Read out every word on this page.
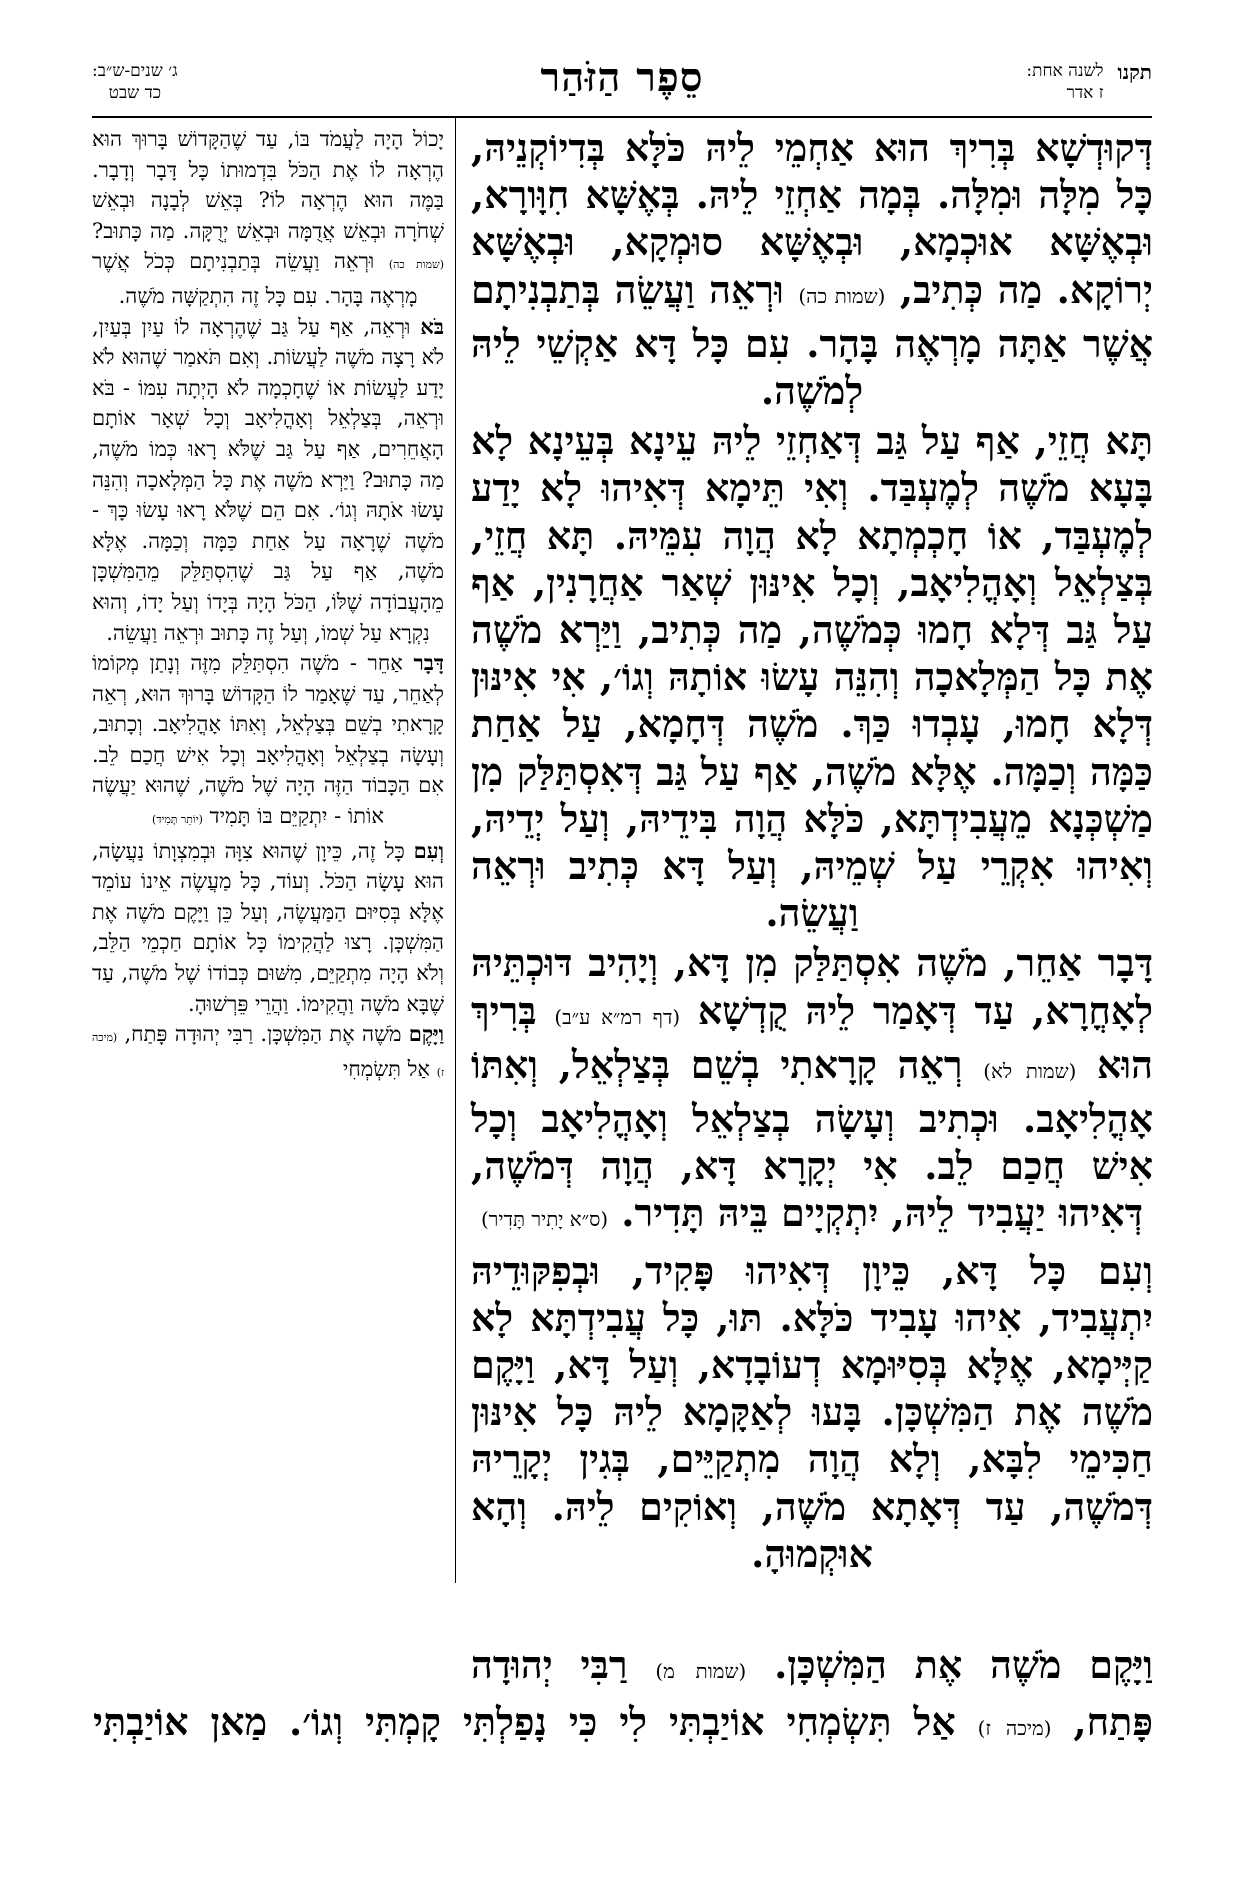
תקנו
לשנה אחת:
ז אדר
סֵפֶר הַזֹּהַר
ג׳ שנים-ש״ב:
כד שבט

דְּקוּדְשָׁא בְּרִיךְ הוּא אַחְמֵי לֵיהּ כֹּלָּא בְּדִיוֹקְנֵיהּ, כָּל מִלָּה וּמִלָּה. בְּמָה אַחְזֵי לֵיהּ. בְּאֶשָּׁא חִוָּורָא, וּבְאֶשָּׁא אוּכְמָא, וּבְאֶשָּׁא סוּמְקָא, וּבְאֶשָּׁא יְרוֹקָא. מַה כְּתִיב, (שמות כה) וּרְאֵה וַעֲשֵׂה בְּתַבְנִיתָם אֲשֶׁר אַתָּה מָרְאֶה בָּהָר. עִם כָּל דָּא אַקְשֵׁי לֵיהּ לְמֹשֶׁה.

תָּא חֲזֵי, אַף עַל גַּב דְּאַחְזֵי לֵיהּ עֵינָא בְּעֵינָא לָא בָּעָא מֹשֶׁה לְמֶעְבַּד. וְאִי תֵּימָא דְּאִיהוּ לָא יָדַע לְמֶעְבַּד, אוֹ חָכְמְתָא לָא הֲוָה עִמֵּיהּ. תָּא חֲזֵי, בְּצַלְאֵל וְאָהֳלִיאָב, וְכָל אִינּוּן שְׁאַר אַחֲרָנִין, אַף עַל גַּב דְּלָא חָמוּ כְּמֹשֶׁה, מַה כְּתִיב, וַיַּרְא מֹשֶׁה אֶת כָּל הַמְּלָאכָה וְהִנֵּה עָשׂוּ אוֹתָהּ וְגוֹ׳, אִי אִינּוּן דְּלָא חָמוּ, עָבְדוּ כַּךְ. מֹשֶׁה דְּחָמָא, עַל אַחַת כַּמָּה וְכַמָּה. אֶלָּא מֹשֶׁה, אַף עַל גַּב דְּאִסְתַּלַּק מִן מַשְׁכְּנָא מֵעֲבִידְתָּא, כֹּלָּא הֲוָה בִּידֵיהּ, וְעַל יְדֵיהּ, וְאִיהוּ אִקְרֵי עַל שְׁמֵיהּ, וְעַל דָּא כְּתִיב וּרְאֵה וַעֲשֵׂה.

דָּבָר אַחֵר, מֹשֶׁה אִסְתַּלַּק מִן דָּא, וְיָהִיב דּוּכְתֵּיהּ לְאָחֳרָא, עַד דְּאָמַר לֵיהּ קֻדְשָׁא (דף רמ״א ע״ב) בְּרִיךְ הוּא (שמות לא) רְאֵה קָרָאתִי בְשֵׁם בְּצַלְאֵל, וְאִתּוֹ אָהֳלִיאָב. וּכְתִיב וְעָשָׂה בְצַלְאֵל וְאָהֳלִיאָב וְכָל אִישׁ חֲכַם לֵב. אִי יְקָרָא דָּא, הֲוָה דְּמֹשֶׁה, דְּאִיהוּ יַעֲבִיד לֵיהּ, יִתְקְיָים בֵּיהּ תָּדִיר. (ס״א יָתִיר תָּדִיר)

וְעִם כָּל דָּא, כֵּיוָן דְּאִיהוּ פָּקִיד, וּבְפִקּוּדֵיהּ יִתְעֲבִיד, אִיהוּ עָבִיד כֹּלָּא. תּוּ, כָּל עֲבִידְתָּא לָא קַיְּימָא, אֶלָּא בְּסִיּוּמָא דְעוֹבָדָא, וְעַל דָּא, וַיָּקֶם מֹשֶׁה אֶת הַמִּשְׁכָּן. בָּעוּ לְאַקָּמָא לֵיהּ כָּל אִינּוּן חַכִּימֵי לִבָּא, וְלָא הֲוָה מִתְקַיֵּים, בְּגִין יְקָרֵיהּ דְּמֹשֶׁה, עַד דְּאָתָא מֹשֶׁה, וְאוֹקִים לֵיהּ. וְהָא אוּקְמוּהָ.

יָכוֹל הָיָה לַעֲמֹד בּוֹ, עַד שֶׁהַקָּדוֹשׁ בָּרוּךְ הוּא הֶרְאָה לוֹ אֶת הַכֹּל בִּדְמוּתוֹ כָּל דָּבָר וְדָבָר. בַּמֶּה הוּא הֶרְאָה לוֹ? בְּאֵשׁ לְבָנָה וּבְאֵשׁ שְׁחֹרָה וּבְאֵשׁ אֲדֻמָּה וּבְאֵשׁ יְרֻקָּה. מַה כָּתוּב? (שמות כה) וּרְאֵה וַעֲשֵׂה בְּתַבְנִיתָם כְּכֹל אֲשֶׁר מָרְאֶה בָּהָר. עִם כָּל זֶה הִתְקַשָּׁה מֹשֶׁה.

בֹּא וּרְאֵה, אַף עַל גַּב שֶׁהֶרְאָה לוֹ עַיִן בְּעַיִן, לֹא רָצָה מֹשֶׁה לַעֲשׂוֹת. וְאִם תֹּאמַר שֶׁהוּא לֹא יָדַע לַעֲשׂוֹת אוֹ שֶׁחָכְמָה לֹא הָיְתָה עִמּוֹ - בֹּא וּרְאֵה, בְּצַלְאֵל וְאָהֳלִיאָב וְכָל שְׁאָר אוֹתָם הָאֲחֵרִים, אַף עַל גַּב שֶׁלֹּא רָאוּ כְּמוֹ מֹשֶׁה, מַה כָּתוּב? וַיַּרְא מֹשֶׁה אֶת כָּל הַמְּלָאכָה וְהִנֵּה עָשׂוּ אֹתָהּ וְגוֹ׳. אִם הֵם שֶׁלֹּא רָאוּ עָשׂוּ כָּךְ - מֹשֶׁה שֶׁרָאָה עַל אַחַת כַּמָּה וְכַמָּה. אֶלָּא מֹשֶׁה, אַף עַל גַּב שֶׁהִסְתַּלֵּק מֵהַמִּשְׁכָּן מֵהָעֲבוֹדָה שֶׁלּוֹ, הַכֹּל הָיָה בְּיָדוֹ וְעַל יָדוֹ, וְהוּא נִקְרָא עַל שְׁמוֹ, וְעַל זֶה כָּתוּב וּרְאֵה וַעֲשֵׂה.

דָּבָר אַחֵר - מֹשֶׁה הִסְתַּלֵּק מִזֶּה וְנָתַן מְקוֹמוֹ לְאַחֵר, עַד שֶׁאָמַר לוֹ הַקָּדוֹשׁ בָּרוּךְ הוּא, רְאֵה קָרָאתִי בְשֵׁם בְּצַלְאֵל, וְאִתּוֹ אָהֳלִיאָב. וְכָתוּב, וְעָשָׂה בְצַלְאֵל וְאָהֳלִיאָב וְכָל אִישׁ חֲכַם לֵב. אִם הַכָּבוֹד הַזֶּה הָיָה שֶׁל מֹשֶׁה, שֶׁהוּא יַעֲשֶׂה אוֹתוֹ - יִתְקַיֵּם בּוֹ תָּמִיד (יוֹתֵר תָּמִיד)

וְעִם כָּל זֶה, כֵּיוָן שֶׁהוּא צִוָּה וּבְמִצְוָתוֹ נַעֲשָׂה, הוּא עָשָׂה הַכֹּל. וְעוֹד, כָּל מַעֲשֶׂה אֵינוֹ עוֹמֵד אֶלָּא בְּסִיּוּם הַמַּעֲשֶׂה, וְעַל כֵּן וַיָּקֶם מֹשֶׁה אֶת הַמִּשְׁכָּן. רָצוּ לַהֲקִימוֹ כָּל אוֹתָם חַכְמֵי הַלֵּב, וְלֹא הָיָה מִתְקַיֵּם, מִשּׁוּם כְּבוֹדוֹ שֶׁל מֹשֶׁה, עַד שֶׁבָּא מֹשֶׁה וַהֲקִימוֹ. וַהֲרֵי פֵּרְשׁוּהָ.

וַיָּקֶם מֹשֶׁה אֶת הַמִּשְׁכָּן. רַבִּי יְהוּדָה פָּתַח, (מיכה ז) אַל תִּשְׂמְחִי

וַיָּקֶם מֹשֶׁה אֶת הַמִּשְׁכָּן. (שמות מ) רַבִּי יְהוּדָה

פָּתַח, (מיכה ז) אַל תִּשְׂמְחִי אוֹיַבְתִּי לִי כִּי נָפַלְתִּי קָמְתִּי וְגוֹ׳. מַאן אוֹיַבְתִּי
